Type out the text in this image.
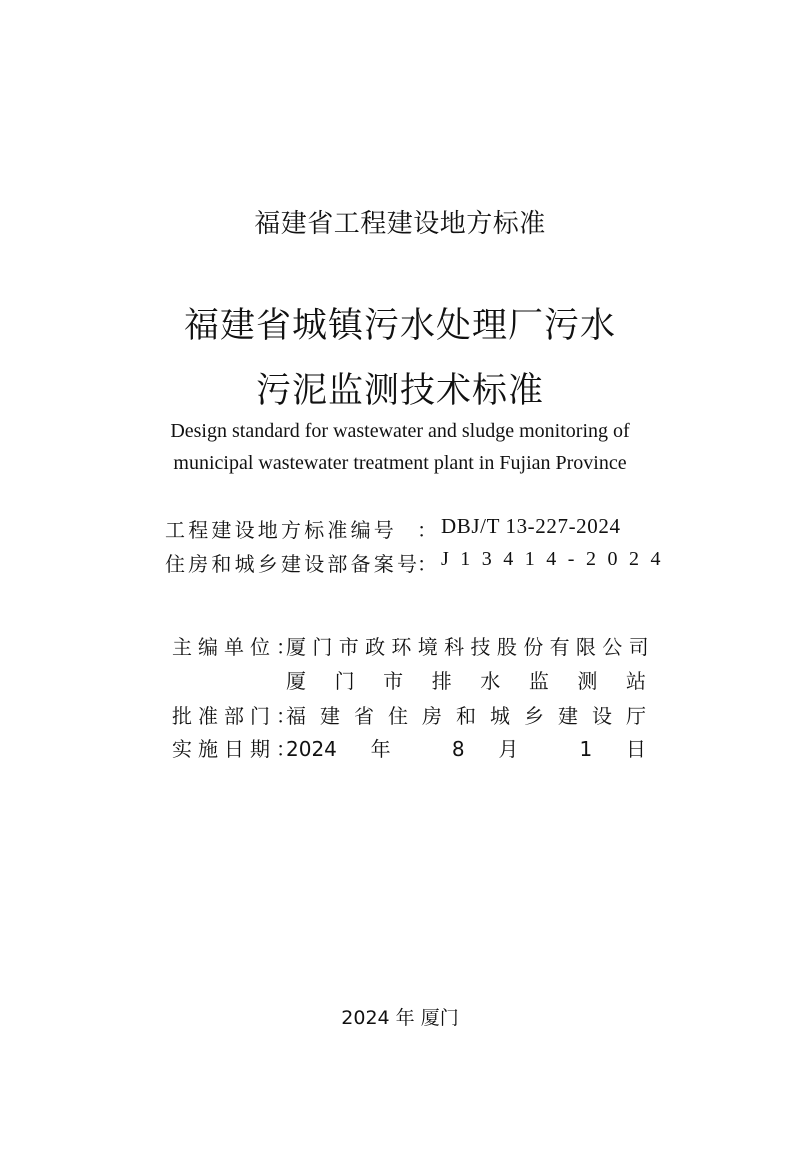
福建省工程建设地方标准
福建省城镇污水处理厂污水
污泥监测技术标准
Design standard for wastewater and sludge monitoring of
municipal wastewater treatment plant in Fujian Province
工程建设地方标准编号 ： DBJ/T 13-227-2024
住房和城乡建设部备案号
： J13414-2024
主编单位：
厦 门 市 政 环 境 科 技 股 份 有 限 公 司
厦 门 市 排 水 监 测 站
批准部门：
福 建 省 住 房 和 城 乡 建 设 厅
实施日期：
2024 年 8 月 1 日
2024 年 厦门
